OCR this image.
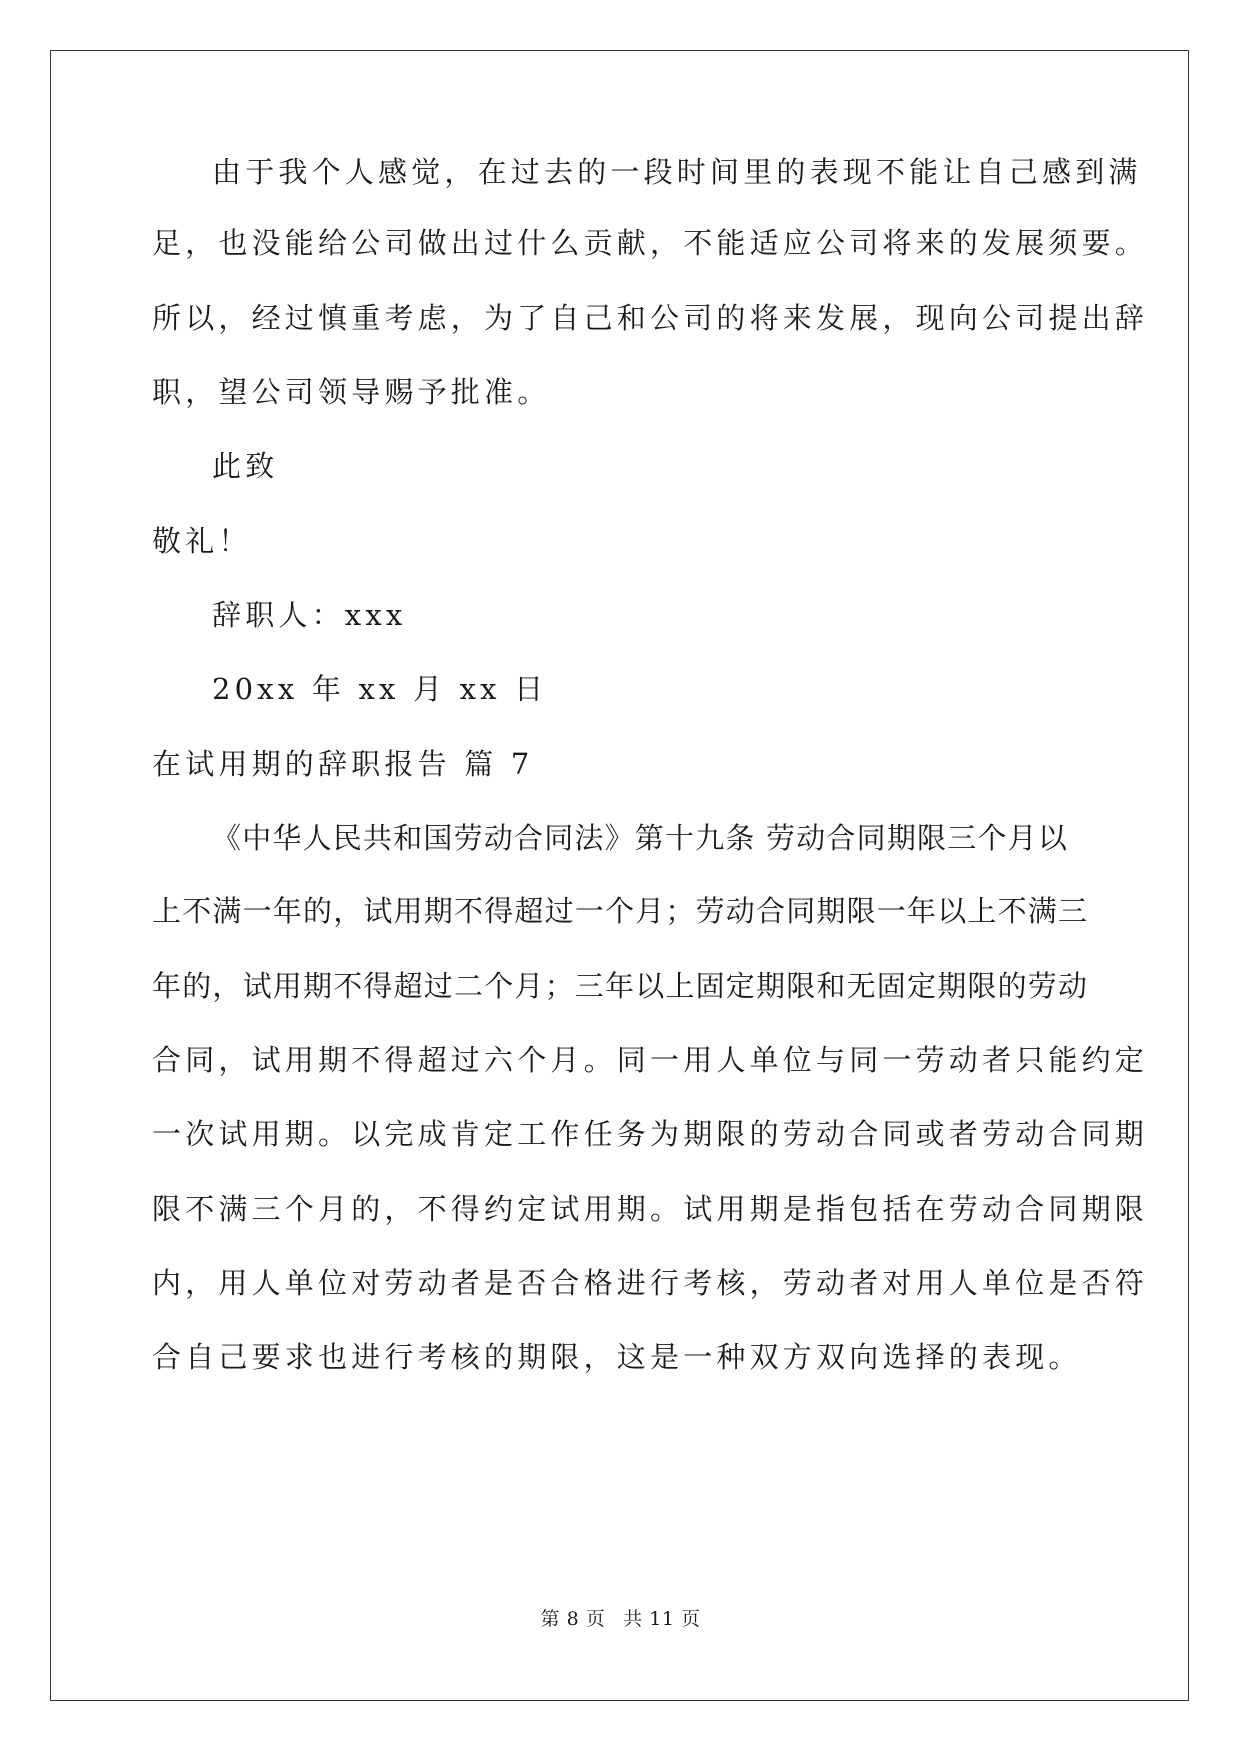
由于我个人感觉，在过去的一段时间里的表现不能让自己感到满
足，也没能给公司做出过什么贡献，不能适应公司将来的发展须要。
所以，经过慎重考虑，为了自己和公司的将来发展，现向公司提出辞
职，望公司领导赐予批准。
此致
敬礼！
辞职人：xxx
20xx 年 xx 月 xx 日
在试用期的辞职报告 篇 7
《中华人民共和国劳动合同法》第十九条 劳动合同期限三个月以
上不满一年的，试用期不得超过一个月；劳动合同期限一年以上不满三
年的，试用期不得超过二个月；三年以上固定期限和无固定期限的劳动
合同，试用期不得超过六个月。同一用人单位与同一劳动者只能约定
一次试用期。以完成肯定工作任务为期限的劳动合同或者劳动合同期
限不满三个月的，不得约定试用期。试用期是指包括在劳动合同期限
内，用人单位对劳动者是否合格进行考核，劳动者对用人单位是否符
合自己要求也进行考核的期限，这是一种双方双向选择的表现。
第 8 页 共 11 页
